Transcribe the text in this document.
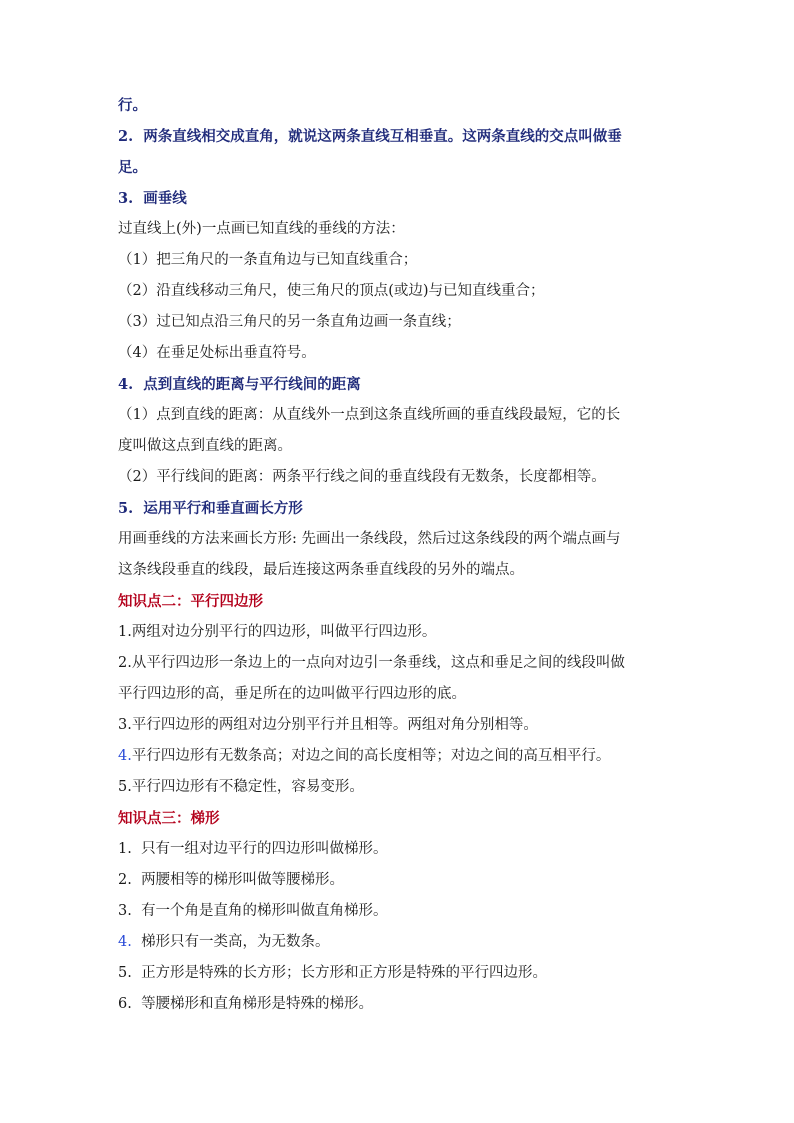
行。
2. 两条直线相交成直角，就说这两条直线互相垂直。这两条直线的交点叫做垂
足。
3. 画垂线
过直线上(外)一点画已知直线的垂线的方法：
（1）把三角尺的一条直角边与已知直线重合；
（2）沿直线移动三角尺，使三角尺的顶点(或边)与已知直线重合；
（3）过已知点沿三角尺的另一条直角边画一条直线；
（4）在垂足处标出垂直符号。
4. 点到直线的距离与平行线间的距离
（1）点到直线的距离：从直线外一点到这条直线所画的垂直线段最短，它的长
度叫做这点到直线的距离。
（2）平行线间的距离：两条平行线之间的垂直线段有无数条，长度都相等。
5. 运用平行和垂直画长方形
用画垂线的方法来画长方形: 先画出一条线段，然后过这条线段的两个端点画与
这条线段垂直的线段，最后连接这两条垂直线段的另外的端点。
知识点二：平行四边形
1.两组对边分别平行的四边形，叫做平行四边形。
2.从平行四边形一条边上的一点向对边引一条垂线，这点和垂足之间的线段叫做
平行四边形的高，垂足所在的边叫做平行四边形的底。
3.平行四边形的两组对边分别平行并且相等。两组对角分别相等。
4.平行四边形有无数条高；对边之间的高长度相等；对边之间的高互相平行。
5.平行四边形有不稳定性，容易变形。
知识点三：梯形
1. 只有一组对边平行的四边形叫做梯形。
2. 两腰相等的梯形叫做等腰梯形。
3. 有一个角是直角的梯形叫做直角梯形。
4. 梯形只有一类高，为无数条。
5. 正方形是特殊的长方形；长方形和正方形是特殊的平行四边形。
6. 等腰梯形和直角梯形是特殊的梯形。
